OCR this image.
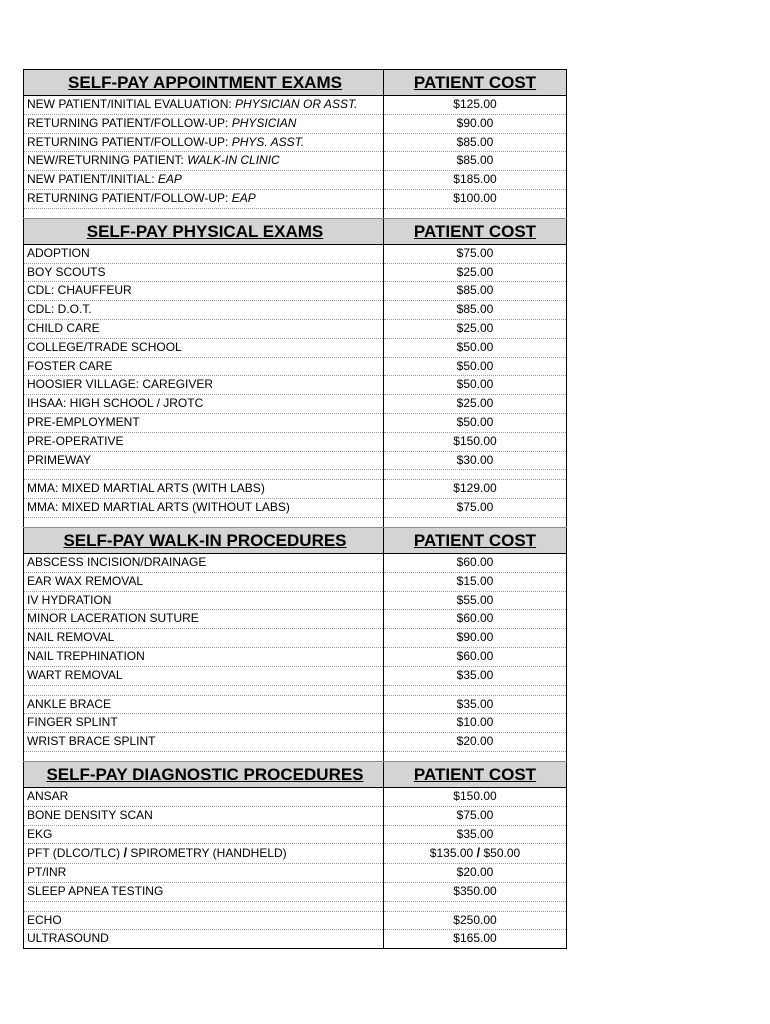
SELF-PAY APPOINTMENT EXAMS	PATIENT COST
NEW PATIENT/INITIAL EVALUATION: PHYSICIAN OR ASST.	$125.00
RETURNING PATIENT/FOLLOW-UP: PHYSICIAN	$90.00
RETURNING PATIENT/FOLLOW-UP: PHYS. ASST.	$85.00
NEW/RETURNING PATIENT: WALK-IN CLINIC	$85.00
NEW PATIENT/INITIAL: EAP	$185.00
RETURNING PATIENT/FOLLOW-UP: EAP	$100.00

SELF-PAY PHYSICAL EXAMS	PATIENT COST
ADOPTION	$75.00
BOY SCOUTS	$25.00
CDL: CHAUFFEUR	$85.00
CDL: D.O.T.	$85.00
CHILD CARE	$25.00
COLLEGE/TRADE SCHOOL	$50.00
FOSTER CARE	$50.00
HOOSIER VILLAGE: CAREGIVER	$50.00
IHSAA: HIGH SCHOOL / JROTC	$25.00
PRE-EMPLOYMENT	$50.00
PRE-OPERATIVE	$150.00
PRIMEWAY	$30.00

MMA: MIXED MARTIAL ARTS (WITH LABS)	$129.00
MMA: MIXED MARTIAL ARTS (WITHOUT LABS)	$75.00

SELF-PAY WALK-IN PROCEDURES	PATIENT COST
ABSCESS INCISION/DRAINAGE	$60.00
EAR WAX REMOVAL	$15.00
IV HYDRATION	$55.00
MINOR LACERATION SUTURE	$60.00
NAIL REMOVAL	$90.00
NAIL TREPHINATION	$60.00
WART REMOVAL	$35.00

ANKLE BRACE	$35.00
FINGER SPLINT	$10.00
WRIST BRACE SPLINT	$20.00

SELF-PAY DIAGNOSTIC PROCEDURES	PATIENT COST
ANSAR	$150.00
BONE DENSITY SCAN	$75.00
EKG	$35.00
PFT (DLCO/TLC) / SPIROMETRY (HANDHELD)	$135.00 / $50.00
PT/INR	$20.00
SLEEP APNEA TESTING	$350.00

ECHO	$250.00
ULTRASOUND	$165.00
